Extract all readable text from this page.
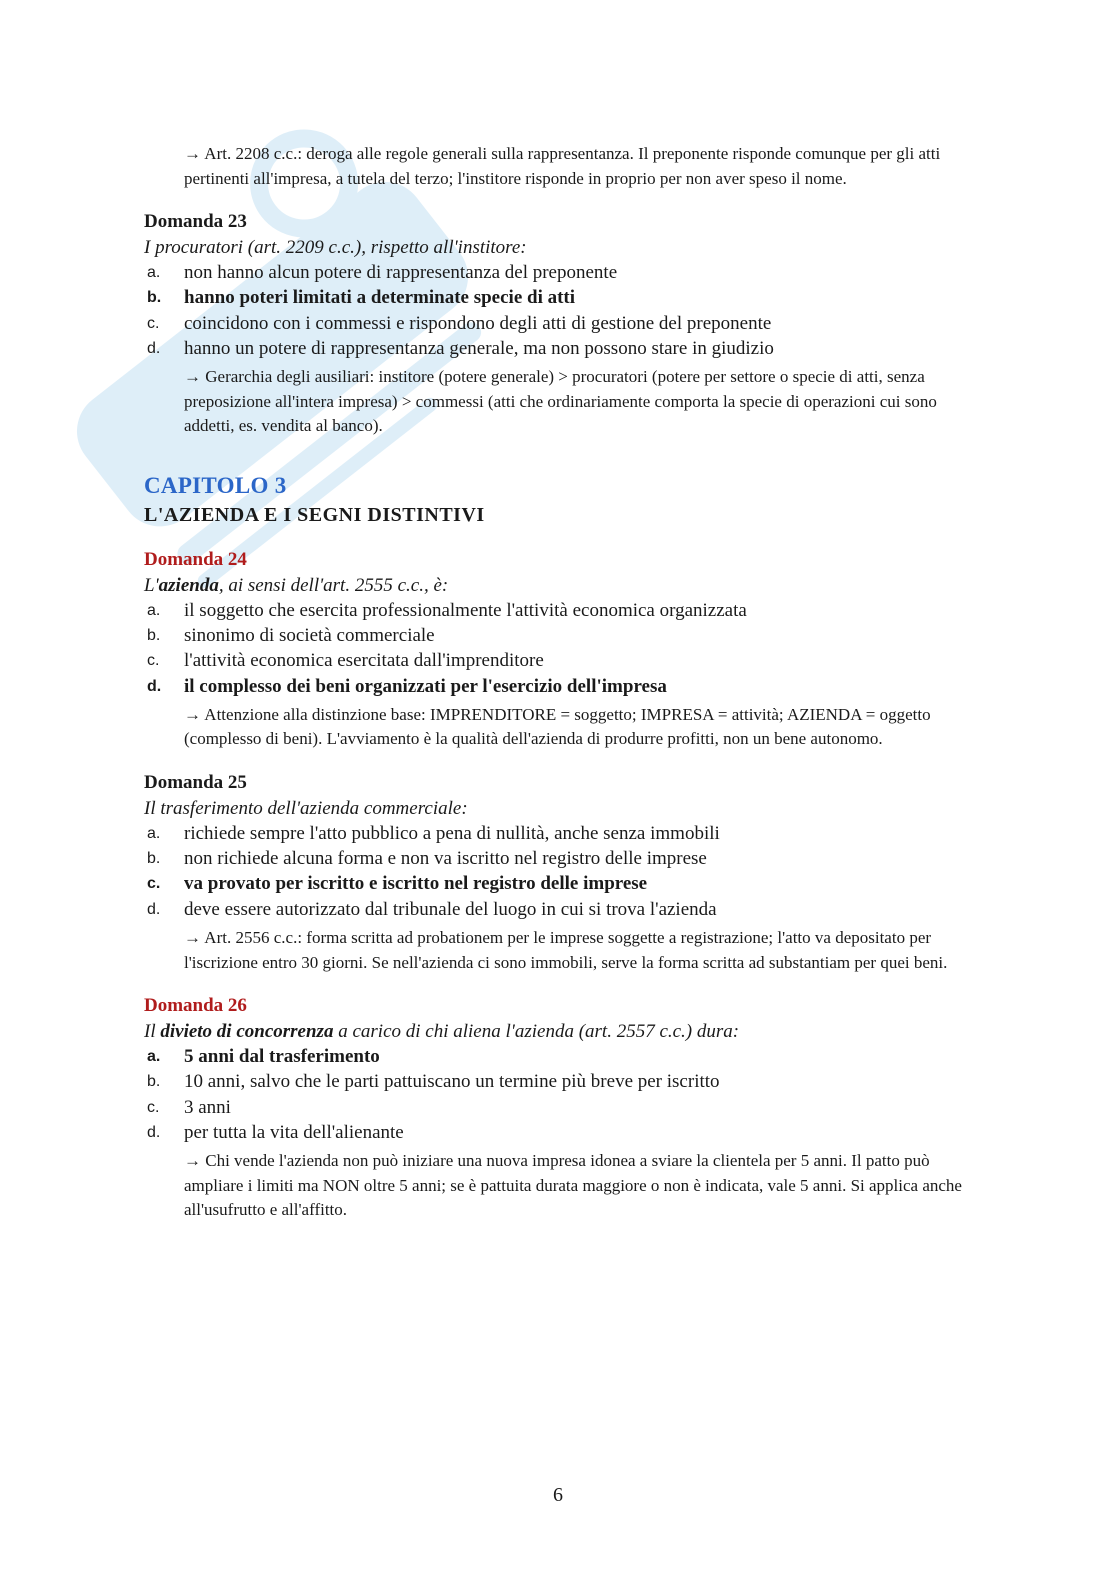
→ Art. 2208 c.c.: deroga alle regole generali sulla rappresentanza. Il preponente risponde comunque per gli atti pertinenti all'impresa, a tutela del terzo; l'institore risponde in proprio per non aver speso il nome.

Domanda 23

I procuratori (art. 2209 c.c.), rispetto all'institore:

a.	non hanno alcun potere di rappresentanza del preponente
b.	hanno poteri limitati a determinate specie di atti
c.	coincidono con i commessi e rispondono degli atti di gestione del preponente
d.	hanno un potere di rappresentanza generale, ma non possono stare in giudizio

→ Gerarchia degli ausiliari: institore (potere generale) > procuratori (potere per settore o specie di atti, senza preposizione all'intera impresa) > commessi (atti che ordinariamente comporta la specie di operazioni cui sono addetti, es. vendita al banco).

CAPITOLO 3

L'AZIENDA E I SEGNI DISTINTIVI

Domanda 24

L'azienda, ai sensi dell'art. 2555 c.c., è:

a.	il soggetto che esercita professionalmente l'attività economica organizzata
b.	sinonimo di società commerciale
c.	l'attività economica esercitata dall'imprenditore
d.	il complesso dei beni organizzati per l'esercizio dell'impresa

→ Attenzione alla distinzione base: IMPRENDITORE = soggetto; IMPRESA = attività; AZIENDA = oggetto (complesso di beni). L'avviamento è la qualità dell'azienda di produrre profitti, non un bene autonomo.

Domanda 25

Il trasferimento dell'azienda commerciale:

a.	richiede sempre l'atto pubblico a pena di nullità, anche senza immobili
b.	non richiede alcuna forma e non va iscritto nel registro delle imprese
c.	va provato per iscritto e iscritto nel registro delle imprese
d.	deve essere autorizzato dal tribunale del luogo in cui si trova l'azienda

→ Art. 2556 c.c.: forma scritta ad probationem per le imprese soggette a registrazione; l'atto va depositato per l'iscrizione entro 30 giorni. Se nell'azienda ci sono immobili, serve la forma scritta ad substantiam per quei beni.

Domanda 26

Il divieto di concorrenza a carico di chi aliena l'azienda (art. 2557 c.c.) dura:

a.	5 anni dal trasferimento
b.	10 anni, salvo che le parti pattuiscano un termine più breve per iscritto
c.	3 anni
d.	per tutta la vita dell'alienante

→ Chi vende l'azienda non può iniziare una nuova impresa idonea a sviare la clientela per 5 anni. Il patto può ampliare i limiti ma NON oltre 5 anni; se è pattuita durata maggiore o non è indicata, vale 5 anni. Si applica anche all'usufrutto e all'affitto.

6
